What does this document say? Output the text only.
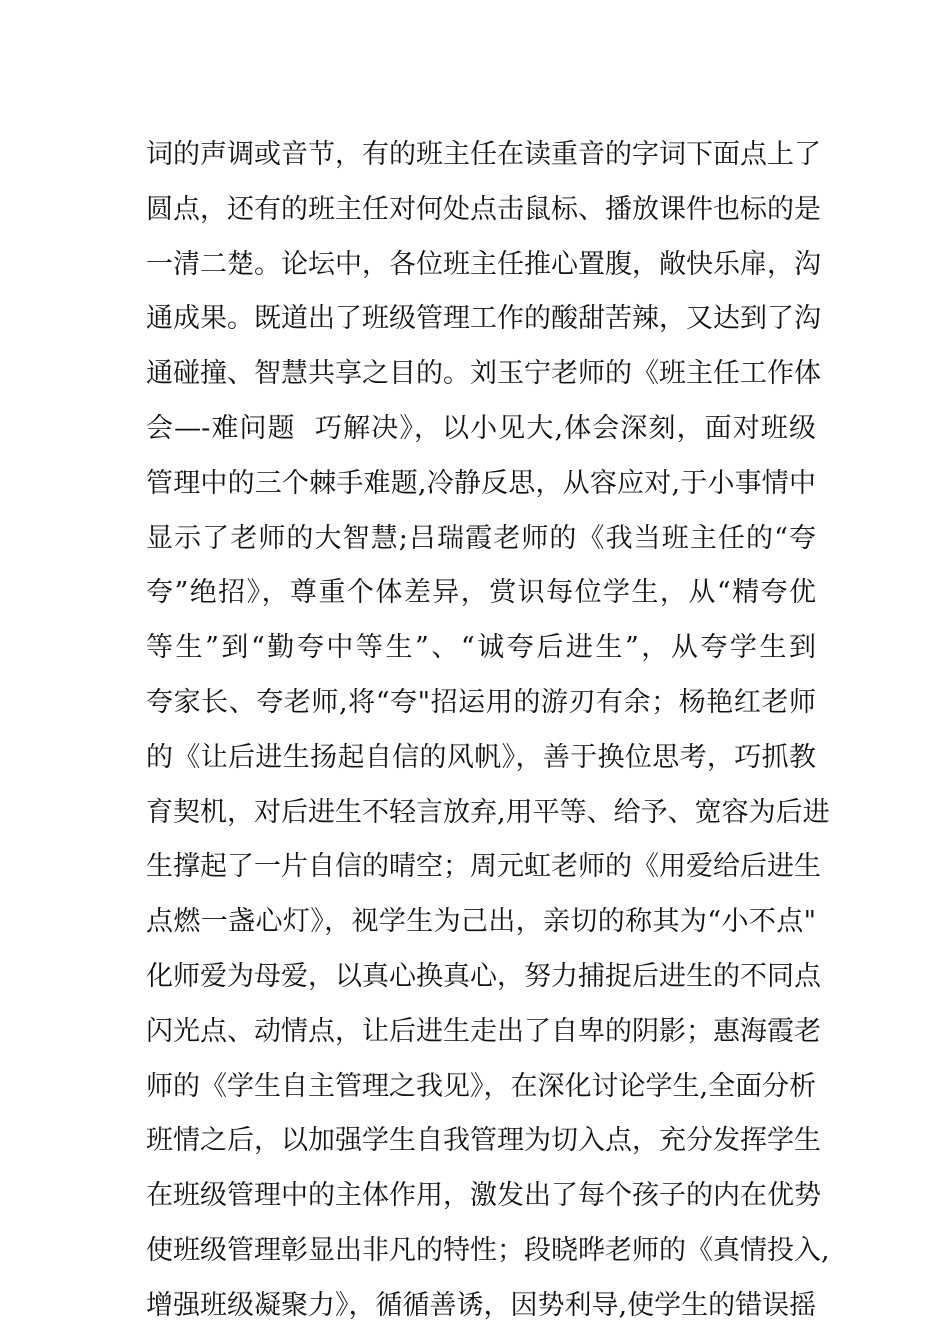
词的声调或音节，有的班主任在读重音的字词下面点上了
圆点，还有的班主任对何处点击鼠标、播放课件也标的是
一清二楚。论坛中，各位班主任推心置腹，敞快乐扉，沟
通成果。既道出了班级管理工作的酸甜苦辣，又达到了沟
通碰撞、智慧共享之目的。刘玉宁老师的《班主任工作体
会—-难问题  巧解决》，以小见大,体会深刻，面对班级
管理中的三个棘手难题,冷静反思，从容应对,于小事情中
显示了老师的大智慧;吕瑞霞老师的《我当班主任的“夸
夸”绝招》，尊重个体差异，赏识每位学生，从“精夸优
等生”到“勤夸中等生”、“诚夸后进生”，从夸学生到
夸家长、夸老师,将“夸"招运用的游刃有余；杨艳红老师
的《让后进生扬起自信的风帆》，善于换位思考，巧抓教
育契机，对后进生不轻言放弃,用平等、给予、宽容为后进
生撑起了一片自信的晴空；周元虹老师的《用爱给后进生
点燃一盏心灯》，视学生为己出，亲切的称其为“小不点"
化师爱为母爱，以真心换真心，努力捕捉后进生的不同点
闪光点、动情点，让后进生走出了自卑的阴影；惠海霞老
师的《学生自主管理之我见》，在深化讨论学生,全面分析
班情之后，以加强学生自我管理为切入点，充分发挥学生
在班级管理中的主体作用，激发出了每个孩子的内在优势
使班级管理彰显出非凡的特性；段晓晔老师的《真情投入,
增强班级凝聚力》，循循善诱，因势利导,使学生的错误摇
